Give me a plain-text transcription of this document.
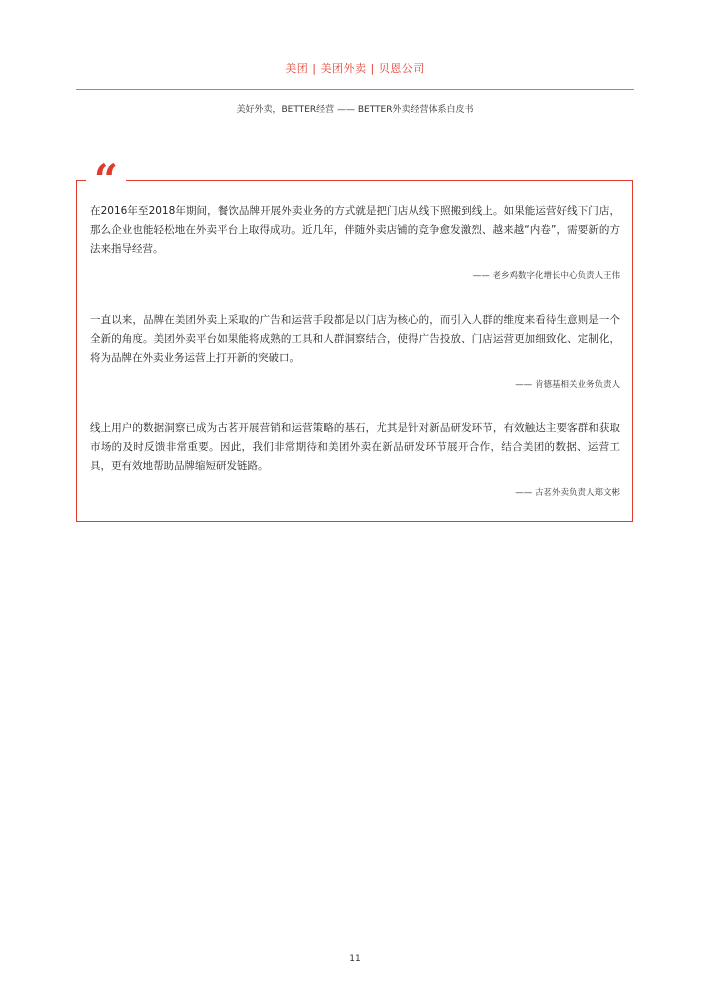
美团 | 美团外卖 | 贝恩公司
美好外卖，BETTER经营 —— BETTER外卖经营体系白皮书
“

在2016年至2018年期间，餐饮品牌开展外卖业务的方式就是把门店从线下照搬到线上。如果能运营好线下门店，那么企业也能轻松地在外卖平台上取得成功。近几年，伴随外卖店铺的竞争愈发激烈、越来越“内卷”，需要新的方法来指导经营。

—— 老乡鸡数字化增长中心负责人王伟

一直以来，品牌在美团外卖上采取的广告和运营手段都是以门店为核心的，而引入人群的维度来看待生意则是一个全新的角度。美团外卖平台如果能将成熟的工具和人群洞察结合，使得广告投放、门店运营更加细致化、定制化，将为品牌在外卖业务运营上打开新的突破口。

—— 肯德基相关业务负责人

线上用户的数据洞察已成为古茗开展营销和运营策略的基石，尤其是针对新品研发环节，有效触达主要客群和获取市场的及时反馈非常重要。因此，我们非常期待和美团外卖在新品研发环节展开合作，结合美团的数据、运营工具，更有效地帮助品牌缩短研发链路。

—— 古茗外卖负责人郑文彬
11
